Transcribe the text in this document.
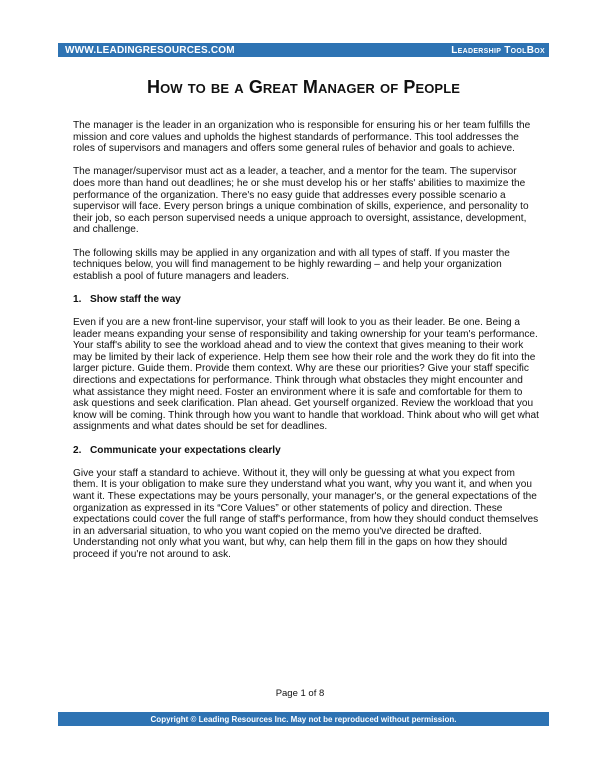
WWW.LEADINGRESOURCES.COM	Leadership ToolBox
How to be a Great Manager of People

The manager is the leader in an organization who is responsible for ensuring his or her team fulfills the mission and core values and upholds the highest standards of performance. This tool addresses the roles of supervisors and managers and offers some general rules of behavior and goals to achieve.

The manager/supervisor must act as a leader, a teacher, and a mentor for the team. The supervisor does more than hand out deadlines; he or she must develop his or her staffs' abilities to maximize the performance of the organization. There's no easy guide that addresses every possible scenario a supervisor will face. Every person brings a unique combination of skills, experience, and personality to their job, so each person supervised needs a unique approach to oversight, assistance, development, and challenge.

The following skills may be applied in any organization and with all types of staff. If you master the techniques below, you will find management to be highly rewarding – and help your organization establish a pool of future managers and leaders.

1. Show staff the way

Even if you are a new front-line supervisor, your staff will look to you as their leader. Be one. Being a leader means expanding your sense of responsibility and taking ownership for your team's performance. Your staff's ability to see the workload ahead and to view the context that gives meaning to their work may be limited by their lack of experience. Help them see how their role and the work they do fit into the larger picture. Guide them. Provide them context. Why are these our priorities? Give your staff specific directions and expectations for performance. Think through what obstacles they might encounter and what assistance they might need. Foster an environment where it is safe and comfortable for them to ask questions and seek clarification. Plan ahead. Get yourself organized. Review the workload that you know will be coming. Think through how you want to handle that workload. Think about who will get what assignments and what dates should be set for deadlines.

2. Communicate your expectations clearly

Give your staff a standard to achieve. Without it, they will only be guessing at what you expect from them. It is your obligation to make sure they understand what you want, why you want it, and when you want it. These expectations may be yours personally, your manager's, or the general expectations of the organization as expressed in its “Core Values” or other statements of policy and direction. These expectations could cover the full range of staff's performance, from how they should conduct themselves in an adversarial situation, to who you want copied on the memo you've directed be drafted. Understanding not only what you want, but why, can help them fill in the gaps on how they should proceed if you're not around to ask.

Page 1 of 8
Copyright © Leading Resources Inc. May not be reproduced without permission.
